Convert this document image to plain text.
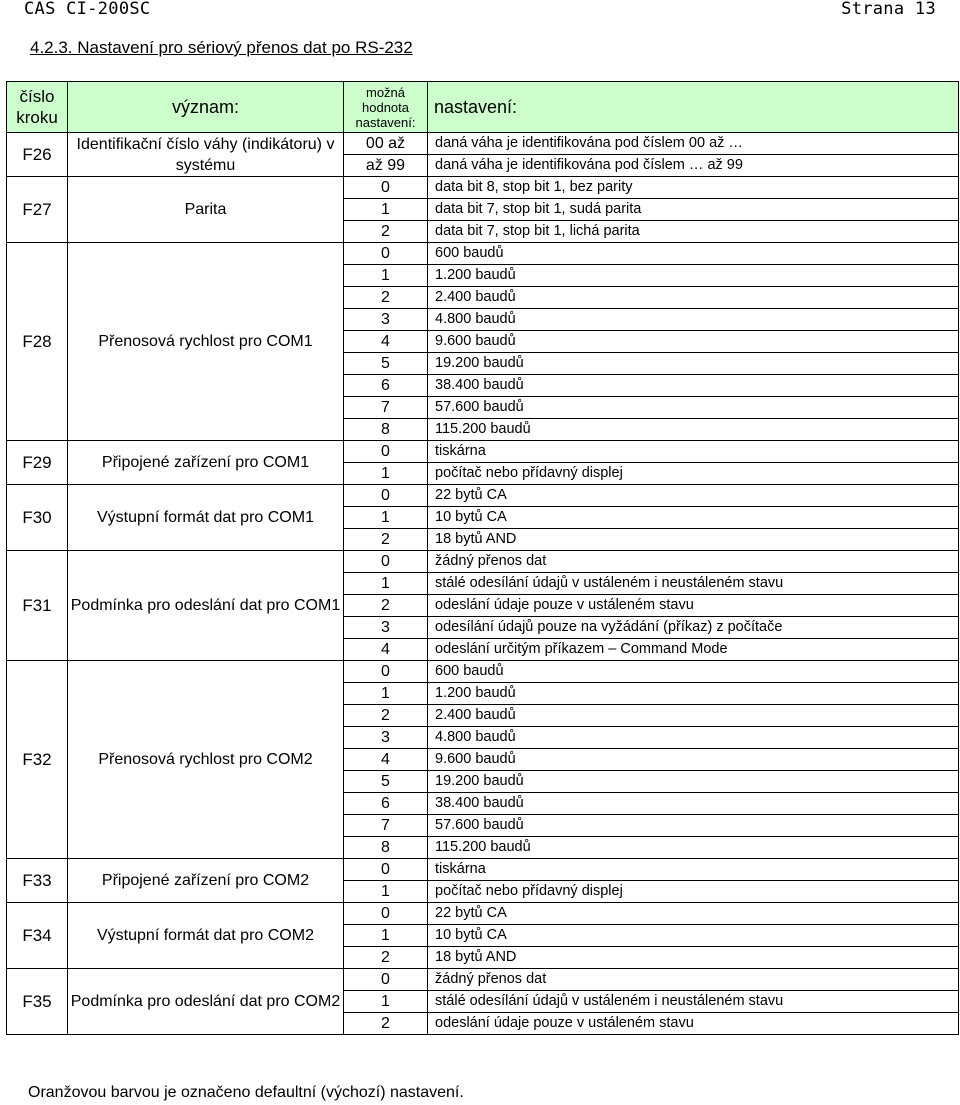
CAS CI-200SC	Strana 13
4.2.3. Nastavení pro sériový přenos dat po RS-232
číslo kroku	význam:	možná hodnota nastavení:	nastavení:
F26	Identifikační číslo váhy (indikátoru) v systému	00 až	daná váha je identifikována pod číslem 00 až …
		až 99	daná váha je identifikována pod číslem … až 99
F27	Parita	0	data bit 8, stop bit 1, bez parity
		1	data bit 7, stop bit 1, sudá parita
		2	data bit 7, stop bit 1, lichá parita
F28	Přenosová rychlost pro COM1	0	600 baudů
		1	1.200 baudů
		2	2.400 baudů
		3	4.800 baudů
		4	9.600 baudů
		5	19.200 baudů
		6	38.400 baudů
		7	57.600 baudů
		8	115.200 baudů
F29	Připojené zařízení pro COM1	0	tiskárna
		1	počítač nebo přídavný displej
F30	Výstupní formát dat pro COM1	0	22 bytů CA
		1	10 bytů CA
		2	18 bytů AND
F31	Podmínka pro odeslání dat pro COM1	0	žádný přenos dat
		1	stálé odesílání údajů v ustáleném i neustáleném stavu
		2	odeslání údaje pouze v ustáleném stavu
		3	odesílání údajů pouze na vyžádání (příkaz) z počítače
		4	odeslání určitým příkazem – Command Mode
F32	Přenosová rychlost pro COM2	0	600 baudů
		1	1.200 baudů
		2	2.400 baudů
		3	4.800 baudů
		4	9.600 baudů
		5	19.200 baudů
		6	38.400 baudů
		7	57.600 baudů
		8	115.200 baudů
F33	Připojené zařízení pro COM2	0	tiskárna
		1	počítač nebo přídavný displej
F34	Výstupní formát dat pro COM2	0	22 bytů CA
		1	10 bytů CA
		2	18 bytů AND
F35	Podmínka pro odeslání dat pro COM2	0	žádný přenos dat
		1	stálé odesílání údajů v ustáleném i neustáleném stavu
		2	odeslání údaje pouze v ustáleném stavu
Oranžovou barvou je označeno defaultní (výchozí) nastavení.
